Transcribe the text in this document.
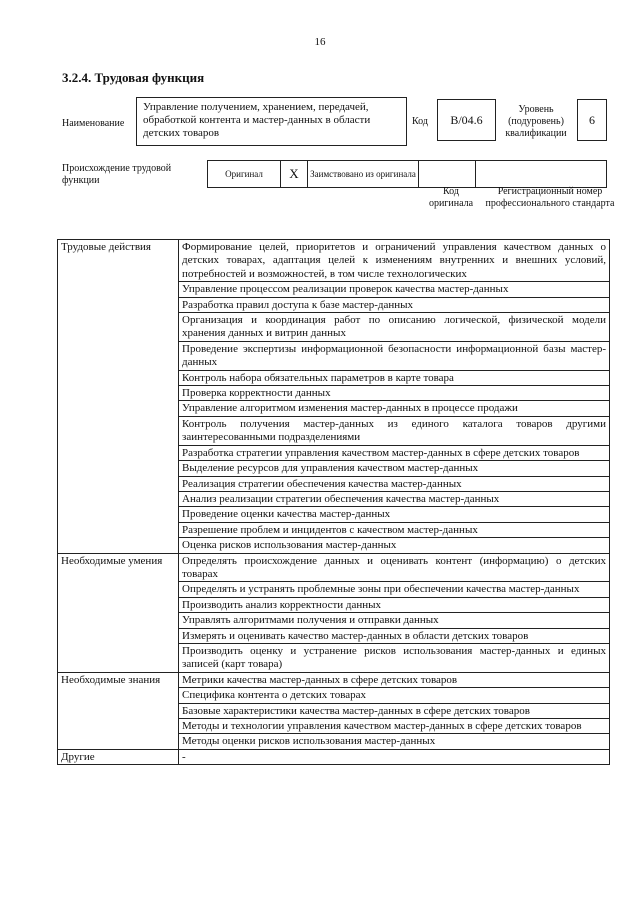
16
3.2.4. Трудовая функция
Наименование
Управление получением, хранением, передачей, обработкой контента и мастер-данных в области детских товаров
Код	В/04.6
Уровень (подуровень) квалификации
6
Происхождение трудовой функции
Оригинал	X	Заимствовано из оригинала		
Код оригинала
Регистрационный номер профессионального стандарта
Трудовые действия	Формирование целей, приоритетов и ограничений управления качеством данных о детских товарах, адаптация целей к изменениям внутренних и внешних условий, потребностей и возможностей, в том числе технологических
	Управление процессом реализации проверок качества мастер-данных
	Разработка правил доступа к базе мастер-данных
	Организация и координация работ по описанию логической, физической модели хранения данных и витрин данных
	Проведение экспертизы информационной безопасности информационной базы мастер-данных
	Контроль набора обязательных параметров в карте товара
	Проверка корректности данных
	Управление алгоритмом изменения мастер-данных в процессе продажи
	Контроль получения мастер-данных из единого каталога товаров другими заинтересованными подразделениями
	Разработка стратегии управления качеством мастер-данных в сфере детских товаров
	Выделение ресурсов для управления качеством мастер-данных
	Реализация стратегии обеспечения качества мастер-данных
	Анализ реализации стратегии обеспечения качества мастер-данных
	Проведение оценки качества мастер-данных
	Разрешение проблем и инцидентов с качеством мастер-данных
	Оценка рисков использования мастер-данных
Необходимые умения	Определять происхождение данных и оценивать контент (информацию) о детских товарах
	Определять и устранять проблемные зоны при обеспечении качества мастер-данных
	Производить анализ корректности данных
	Управлять алгоритмами получения и отправки данных
	Измерять и оценивать качество мастер-данных в области детских товаров
	Производить оценку и устранение рисков использования мастер-данных и единых записей (карт товара)
Необходимые знания	Метрики качества мастер-данных в сфере детских товаров
	Специфика контента о детских товарах
	Базовые характеристики качества мастер-данных в сфере детских товаров
	Методы и технологии управления качеством мастер-данных в сфере детских товаров
	Методы оценки рисков использования мастер-данных
Другие	-
